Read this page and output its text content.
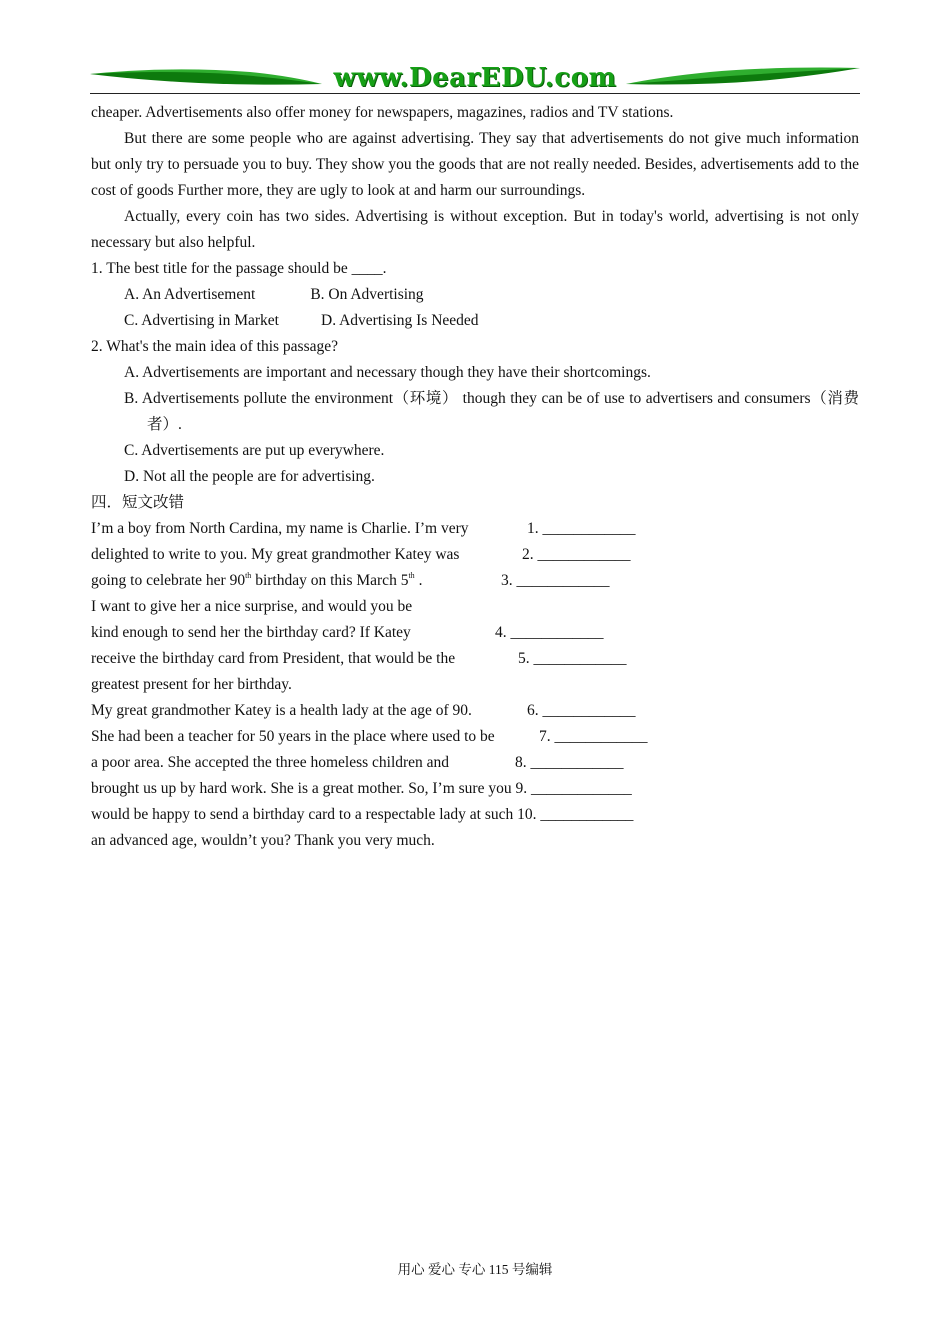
www.DearEDU.com

cheaper. Advertisements also offer money for newspapers, magazines, radios and TV stations.

But there are some people who are against advertising. They say that advertisements do not give much information but only try to persuade you to buy. They show you the goods that are not really needed. Besides, advertisements add to the cost of goods Further more, they are ugly to look at and harm our surroundings.

Actually, every coin has two sides. Advertising is without exception. But in today's world, advertising is not only necessary but also helpful.

1. The best title for the passage should be ____.

A. An Advertisement	B. On Advertising

C. Advertising in Market	D. Advertising Is Needed

2. What's the main idea of this passage?

A. Advertisements are important and necessary though they have their shortcomings.

B. Advertisements pollute the environment（环境） though they can be of use to advertisers and consumers（消费者）.

C. Advertisements are put up everywhere.

D. Not all the people are for advertising.

四．短文改错

I’m a boy from North Cardina, my name is Charlie. I’m very	1. ____________
delighted to write to you. My great grandmother Katey was	2. ____________
going to celebrate her 90th birthday on this March 5th .	3. ____________
I want to give her a nice surprise, and would you be
kind enough to send her the birthday card? If Katey	4. ____________
receive the birthday card from President, that would be the	5. ____________
greatest present for her birthday.
My great grandmother Katey is a health lady at the age of 90.	6. ____________
She had been a teacher for 50 years in the place where used to be	7. ____________
a poor area. She accepted the three homeless children and	8. ____________
brought us up by hard work. She is a great mother. So, I’m sure you 9. _____________
would be happy to send a birthday card to a respectable lady at such 10. ____________
an advanced age, wouldn’t you? Thank you very much.
用心 爱心 专心 115 号编辑
